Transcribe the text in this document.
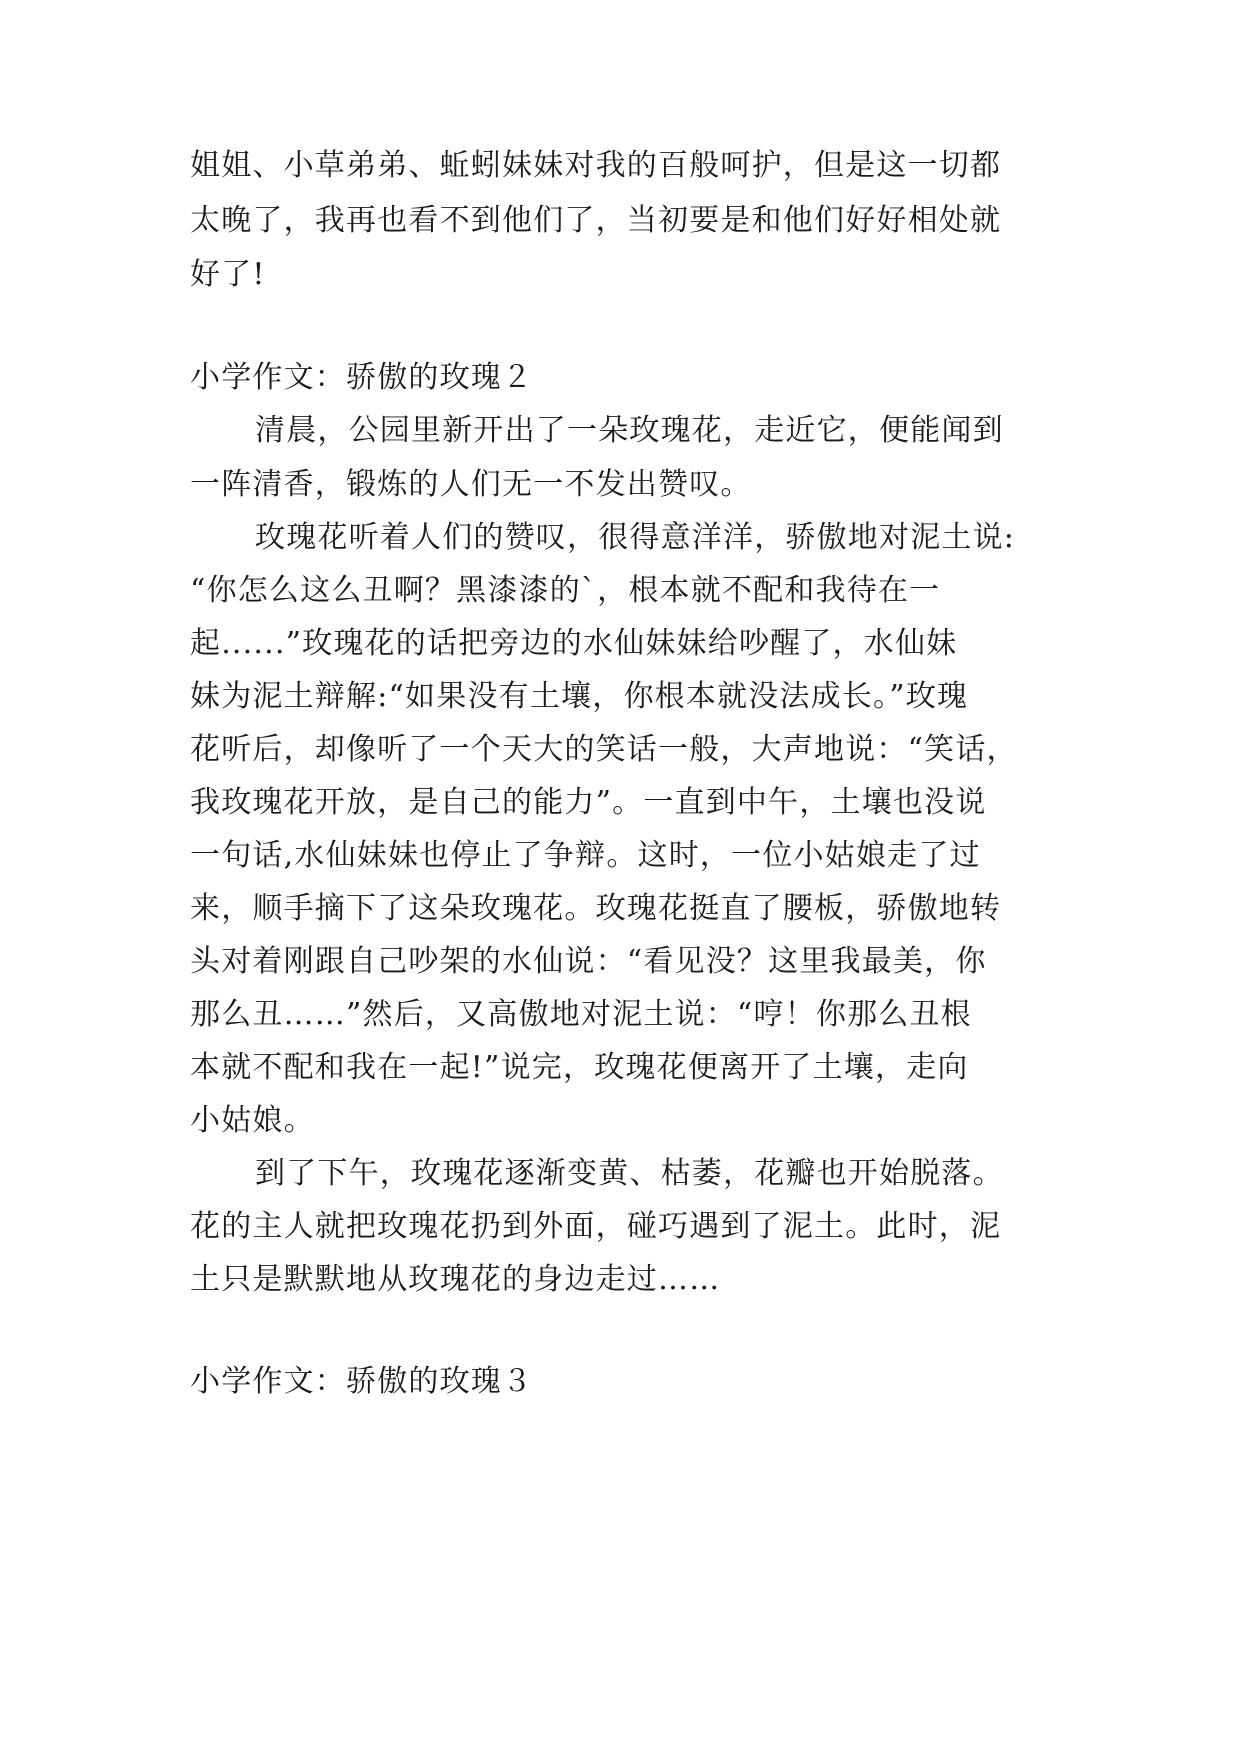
姐姐、小草弟弟、蚯蚓妹妹对我的百般呵护，但是这一切都
太晚了，我再也看不到他们了，当初要是和他们好好相处就
好了!
小学作文：骄傲的玫瑰２
清晨，公园里新开出了一朵玫瑰花，走近它，便能闻到
一阵清香，锻炼的人们无一不发出赞叹。
玫瑰花听着人们的赞叹，很得意洋洋，骄傲地对泥土说:
“你怎么这么丑啊？黑漆漆的`，根本就不配和我待在一
起......”玫瑰花的话把旁边的水仙妹妹给吵醒了，水仙妹
妹为泥土辩解:“如果没有土壤，你根本就没法成长。”玫瑰
花听后，却像听了一个天大的笑话一般，大声地说：“笑话，
我玫瑰花开放，是自己的能力”。一直到中午，土壤也没说
一句话,水仙妹妹也停止了争辩。这时，一位小姑娘走了过
来，顺手摘下了这朵玫瑰花。玫瑰花挺直了腰板，骄傲地转
头对着刚跟自己吵架的水仙说：“看见没？这里我最美，你
那么丑……”然后，又高傲地对泥土说：“哼！你那么丑根
本就不配和我在一起!”说完，玫瑰花便离开了土壤，走向
小姑娘。
到了下午，玫瑰花逐渐变黄、枯萎，花瓣也开始脱落。
花的主人就把玫瑰花扔到外面，碰巧遇到了泥土。此时，泥
土只是默默地从玫瑰花的身边走过……
小学作文：骄傲的玫瑰３
